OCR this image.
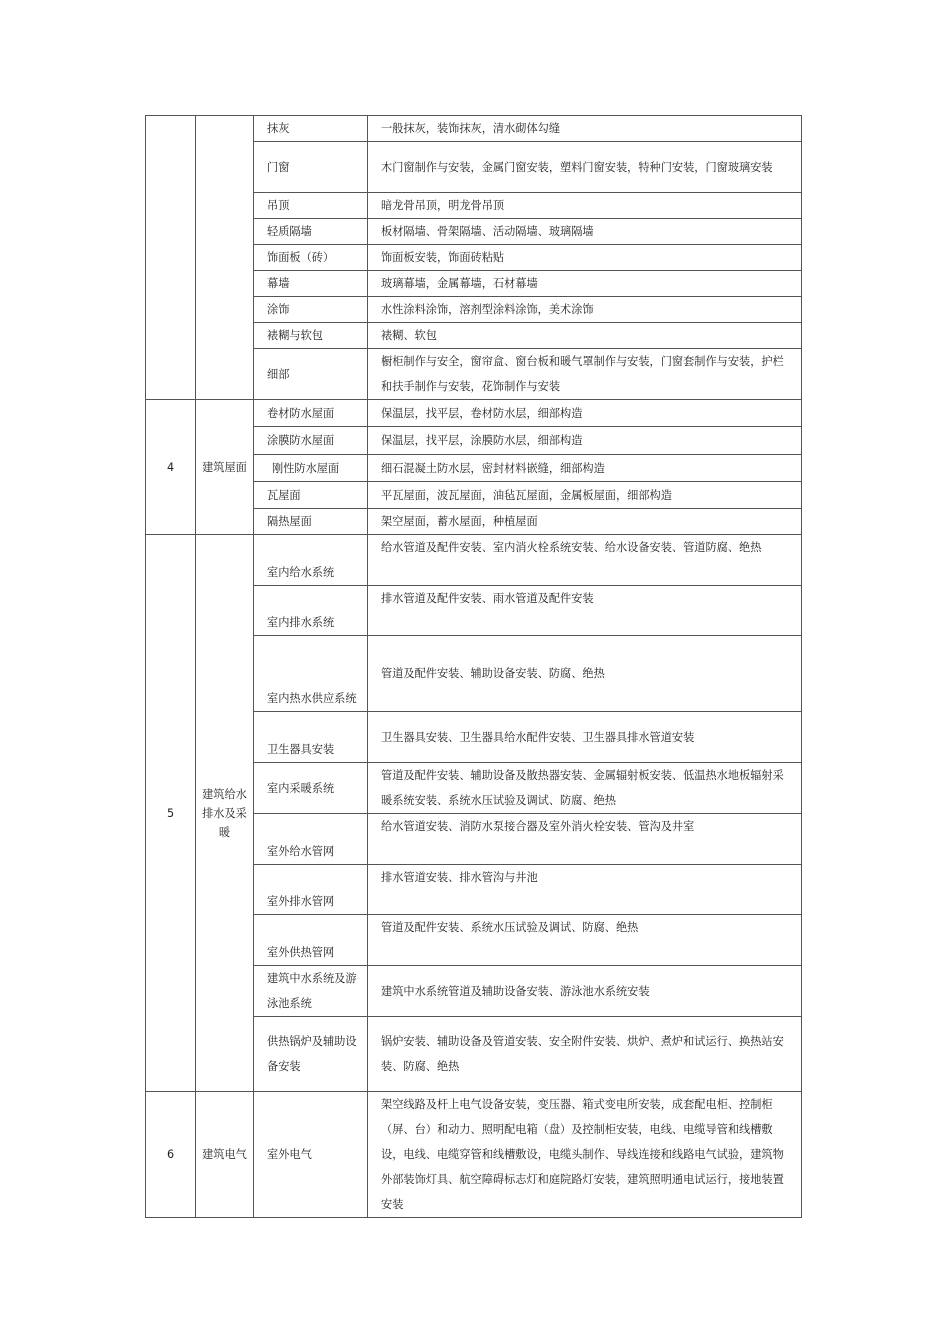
		抹灰	一般抹灰，装饰抹灰，清水砌体勾缝
		门窗	木门窗制作与安装，金属门窗安装，塑料门窗安装，特种门安装，门窗玻璃安装
		吊顶	暗龙骨吊顶，明龙骨吊顶
		轻质隔墙	板材隔墙、骨架隔墙、活动隔墙、玻璃隔墙
		饰面板（砖）	饰面板安装，饰面砖粘贴
		幕墙	玻璃幕墙，金属幕墙，石材幕墙
		涂饰	水性涂料涂饰，溶剂型涂料涂饰，美术涂饰
		裱糊与软包	裱糊、软包
		细部	橱柜制作与安全，窗帘盒、窗台板和暖气罩制作与安装，门窗套制作与安装，护栏和扶手制作与安装，花饰制作与安装
4	建筑屋面	卷材防水屋面	保温层，找平层，卷材防水层，细部构造
		涂膜防水屋面	保温层，找平层，涂膜防水层，细部构造
		刚性防水屋面	细石混凝土防水层，密封材料嵌缝，细部构造
		瓦屋面	平瓦屋面，波瓦屋面，油毡瓦屋面，金属板屋面，细部构造
		隔热屋面	架空屋面，蓄水屋面，种植屋面
5	建筑给水排水及采暖	室内给水系统	给水管道及配件安装、室内消火栓系统安装、给水设备安装、管道防腐、绝热
		室内排水系统	排水管道及配件安装、雨水管道及配件安装
		室内热水供应系统	管道及配件安装、辅助设备安装、防腐、绝热
		卫生器具安装	卫生器具安装、卫生器具给水配件安装、卫生器具排水管道安装
		室内采暖系统	管道及配件安装、辅助设备及散热器安装、金属辐射板安装、低温热水地板辐射采暖系统安装、系统水压试验及调试、防腐、绝热
		室外给水管网	给水管道安装、消防水泵接合器及室外消火栓安装、管沟及井室
		室外排水管网	排水管道安装、排水管沟与井池
		室外供热管网	管道及配件安装、系统水压试验及调试、防腐、绝热
		建筑中水系统及游泳池系统	建筑中水系统管道及辅助设备安装、游泳池水系统安装
		供热锅炉及辅助设备安装	锅炉安装、辅助设备及管道安装、安全附件安装、烘炉、煮炉和试运行、换热站安装、防腐、绝热
6	建筑电气	室外电气	架空线路及杆上电气设备安装，变压器、箱式变电所安装，成套配电柜、控制柜（屏、台）和动力、照明配电箱（盘）及控制柜安装，电线、电缆导管和线槽敷设，电线、电缆穿管和线槽敷设，电缆头制作、导线连接和线路电气试验，建筑物外部装饰灯具、航空障碍标志灯和庭院路灯安装，建筑照明通电试运行，接地装置安装
